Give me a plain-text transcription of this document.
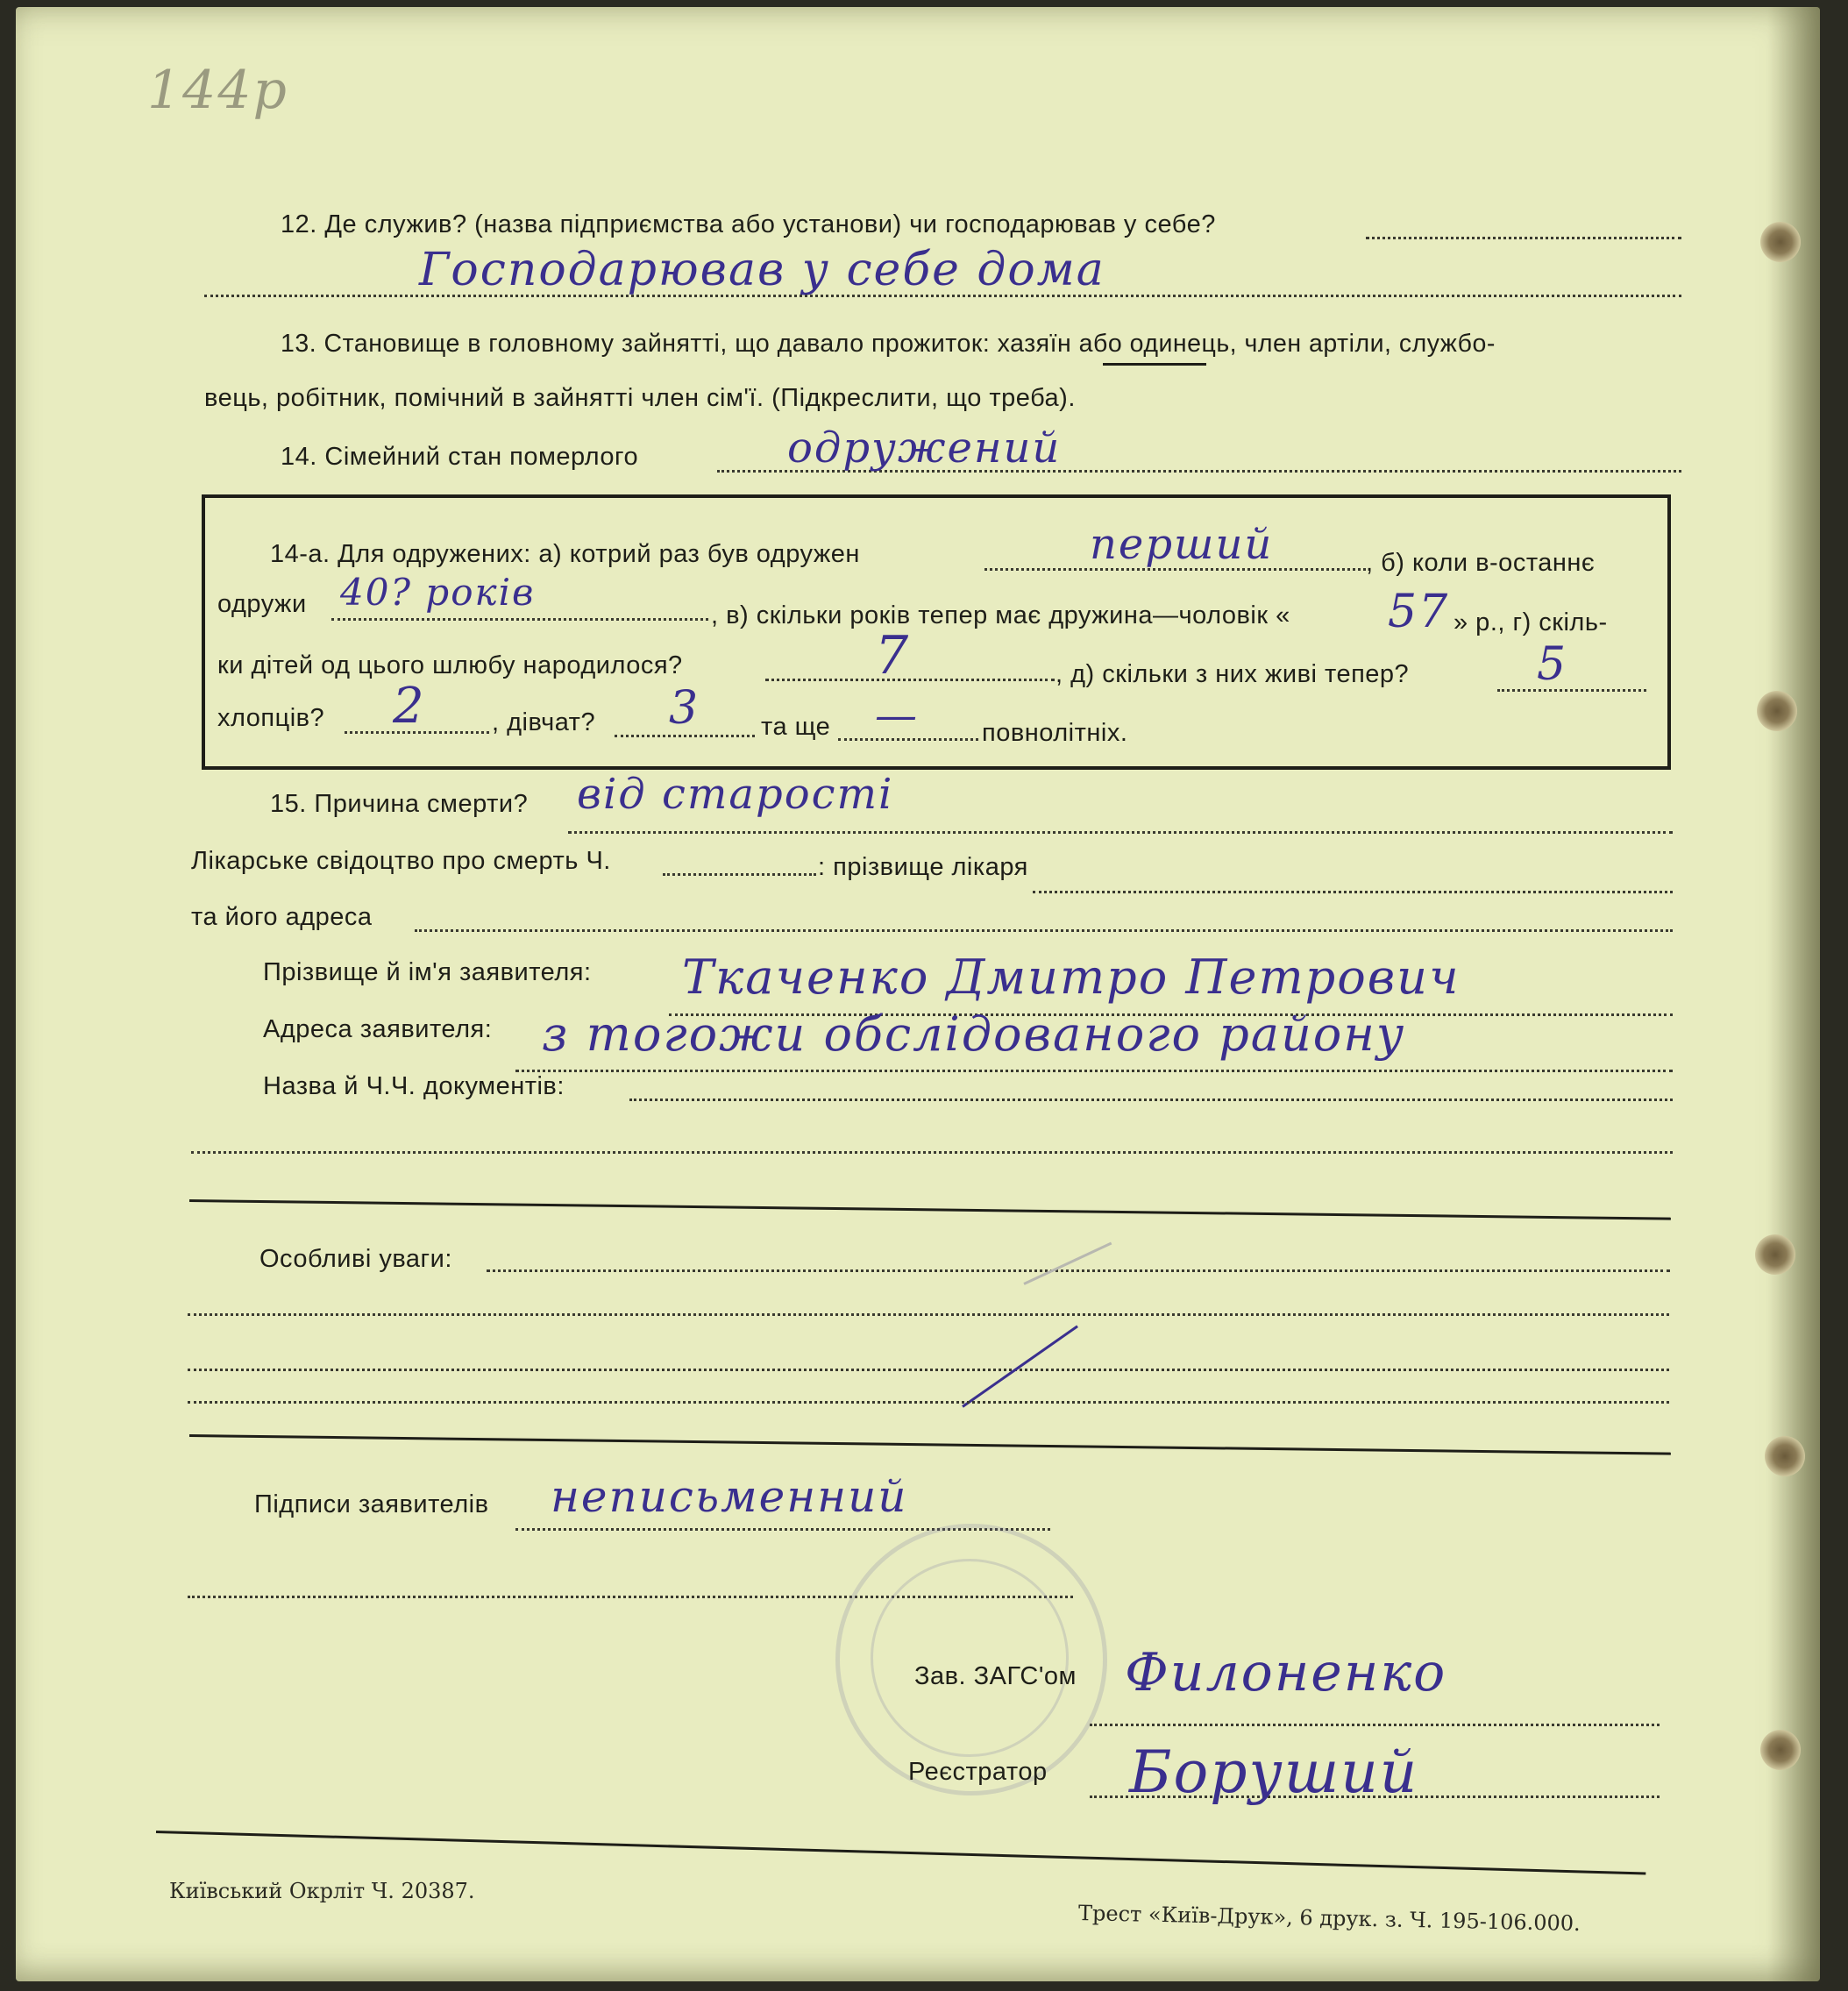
144p
12. Де служив? (назва підприємства або установи) чи господарював у себе?
Господарював у себе дома
13. Становище в головному зайнятті, що давало прожиток: хазяїн або одинець, член артіли, службо-
вець, робітник, помічний в зайнятті член сім'ї. (Підкреслити, що треба).
14. Сімейний стан померлого	одружений
14-а. Для одружених: а) котрий раз був одружен	перший	, б) коли в-останнє
одружи 40? років
, в) скільки років тепер має дружина—чоловік « 57 » р., г) скіль-
ки дітей од цього шлюбу народилося?	7	, д) скільки з них живі тепер?	5
хлопців? 2	, дівчат? 3 та ще — повнолітніх.
15. Причина смерти? від старості
Лікарське свідоцтво про смерть Ч.	: прізвище лікаря
та його адреса
Прізвище й ім'я заявителя: Ткаченко Дмитро Петрович
Адреса заявителя: з тогожи обслідованого району
Назва й Ч.Ч. документів:
Особливі уваги:
Підписи заявителів неписьменний
Зав. ЗАГС'ом Филоненко
Реєстратор Боруший
Київський Окрліт Ч. 20387.
Трест «Київ-Друк», 6 друк. з. Ч. 195-106.000.
